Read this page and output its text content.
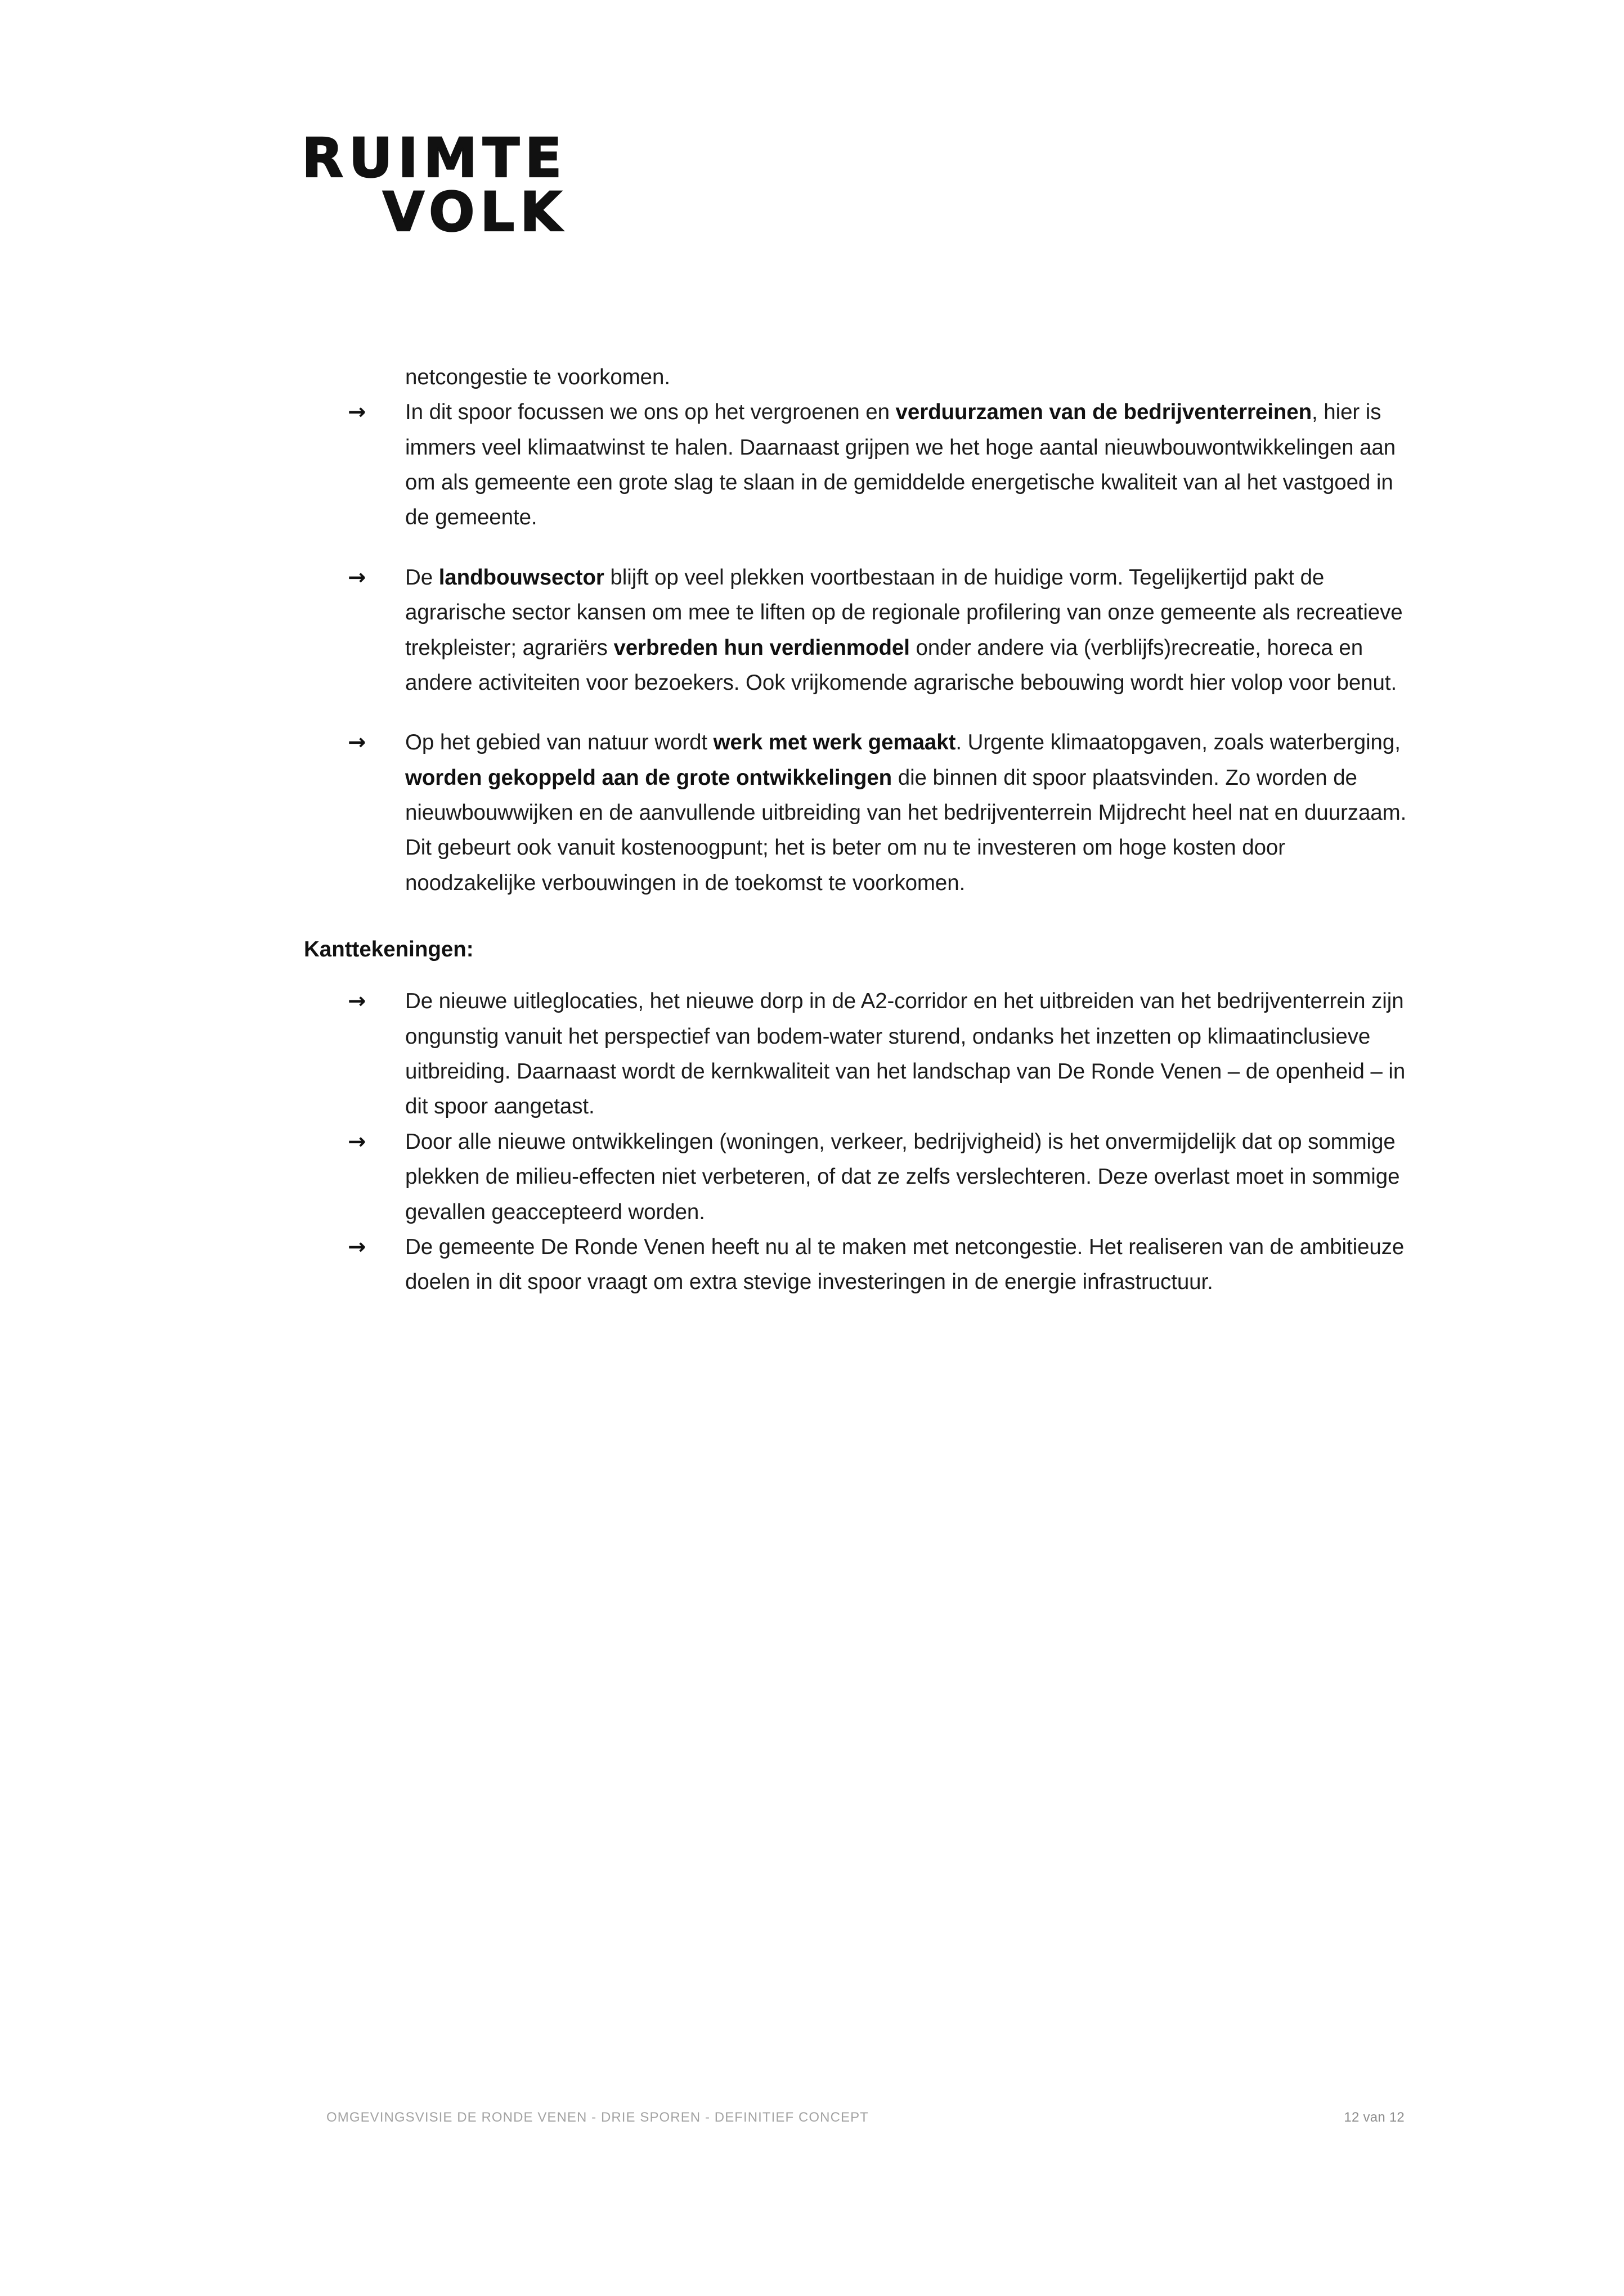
RUIMTE
VOLK

netcongestie te voorkomen.

→	In dit spoor focussen we ons op het vergroenen en verduurzamen van de bedrijventerreinen, hier is immers veel klimaatwinst te halen. Daarnaast grijpen we het hoge aantal nieuwbouwontwikkelingen aan om als gemeente een grote slag te slaan in de gemiddelde energetische kwaliteit van al het vastgoed in de gemeente.
→	De landbouwsector blijft op veel plekken voortbestaan in de huidige vorm. Tegelijkertijd pakt de agrarische sector kansen om mee te liften op de regionale profilering van onze gemeente als recreatieve trekpleister; agrariërs verbreden hun verdienmodel onder andere via (verblijfs)recreatie, horeca en andere activiteiten voor bezoekers. Ook vrijkomende agrarische bebouwing wordt hier volop voor benut.
→	Op het gebied van natuur wordt werk met werk gemaakt. Urgente klimaatopgaven, zoals waterberging, worden gekoppeld aan de grote ontwikkelingen die binnen dit spoor plaatsvinden. Zo worden de nieuwbouwwijken en de aanvullende uitbreiding van het bedrijventerrein Mijdrecht heel nat en duurzaam. Dit gebeurt ook vanuit kostenoogpunt; het is beter om nu te investeren om hoge kosten door noodzakelijke verbouwingen in de toekomst te voorkomen.
Kanttekeningen:
→	De nieuwe uitleglocaties, het nieuwe dorp in de A2-corridor en het uitbreiden van het bedrijventerrein zijn ongunstig vanuit het perspectief van bodem-water sturend, ondanks het inzetten op klimaatinclusieve uitbreiding. Daarnaast wordt de kernkwaliteit van het landschap van De Ronde Venen – de openheid – in dit spoor aangetast.
→	Door alle nieuwe ontwikkelingen (woningen, verkeer, bedrijvigheid) is het onvermijdelijk dat op sommige plekken de milieu-effecten niet verbeteren, of dat ze zelfs verslechteren. Deze overlast moet in sommige gevallen geaccepteerd worden.
→	De gemeente De Ronde Venen heeft nu al te maken met netcongestie. Het realiseren van de ambitieuze doelen in dit spoor vraagt om extra stevige investeringen in de energie infrastructuur.
OMGEVINGSVISIE DE RONDE VENEN - DRIE SPOREN - DEFINITIEF CONCEPT	12 van 12
